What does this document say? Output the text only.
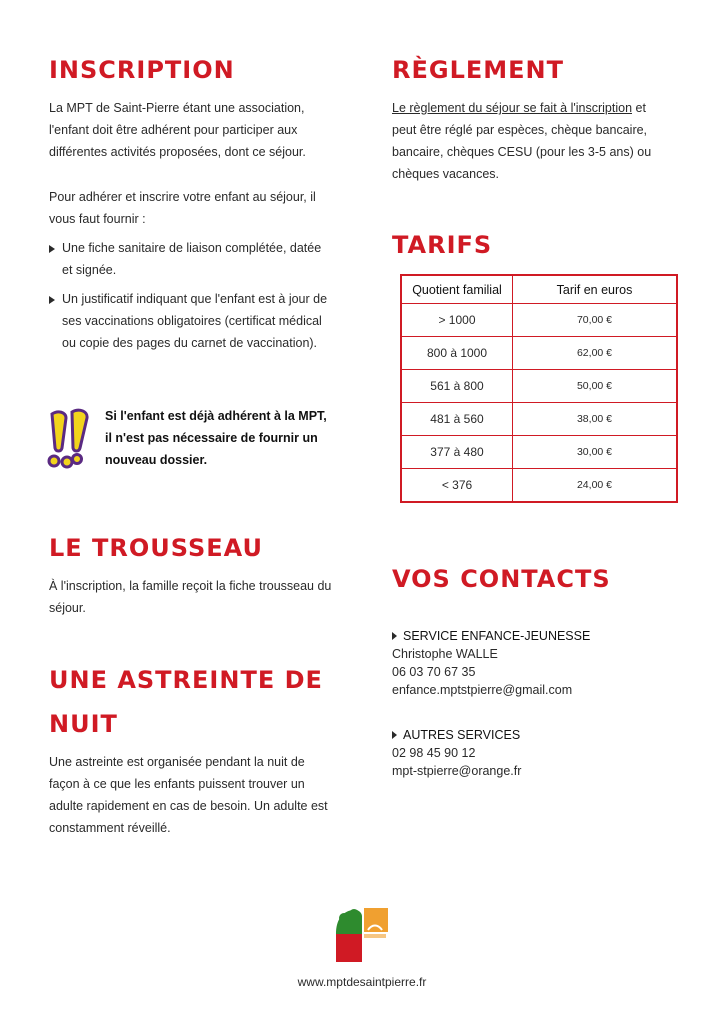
INSCRIPTION

La MPT de Saint-Pierre étant une association, l'enfant doit être adhérent pour participer aux différentes activités proposées, dont ce séjour.

Pour adhérer et inscrire votre enfant au séjour, il vous faut fournir :

Une fiche sanitaire de liaison complétée, datée et signée.
Un justificatif indiquant que l'enfant est à jour de ses vaccinations obligatoires (certificat médical ou copie des pages du carnet de vaccination).
Si l'enfant est déjà adhérent à la MPT, il n'est pas nécessaire de fournir un nouveau dossier.
LE TROUSSEAU

À l'inscription, la famille reçoit la fiche trousseau du séjour.

UNE ASTREINTE DE
NUIT

Une astreinte est organisée pendant la nuit de façon à ce que les enfants puissent trouver un adulte rapidement en cas de besoin. Un adulte est constamment réveillé.

RÈGLEMENT

Le règlement du séjour se fait à l'inscription et peut être réglé par espèces, chèque bancaire, bancaire, chèques CESU (pour les 3-5 ans) ou chèques vacances.

TARIFS
Quotient familial	Tarif en euros
> 1000	70,00 €
800 à 1000	62,00 €
561 à 800	50,00 €
481 à 560	38,00 €
377 à 480	30,00 €
< 376	24,00 €
VOS CONTACTS
SERVICE ENFANCE-JEUNESSE
Christophe WALLE
06 03 70 67 35
enfance.mptstpierre@gmail.com
AUTRES SERVICES
02 98 45 90 12
mpt-stpierre@orange.fr
www.mptdesaintpierre.fr
